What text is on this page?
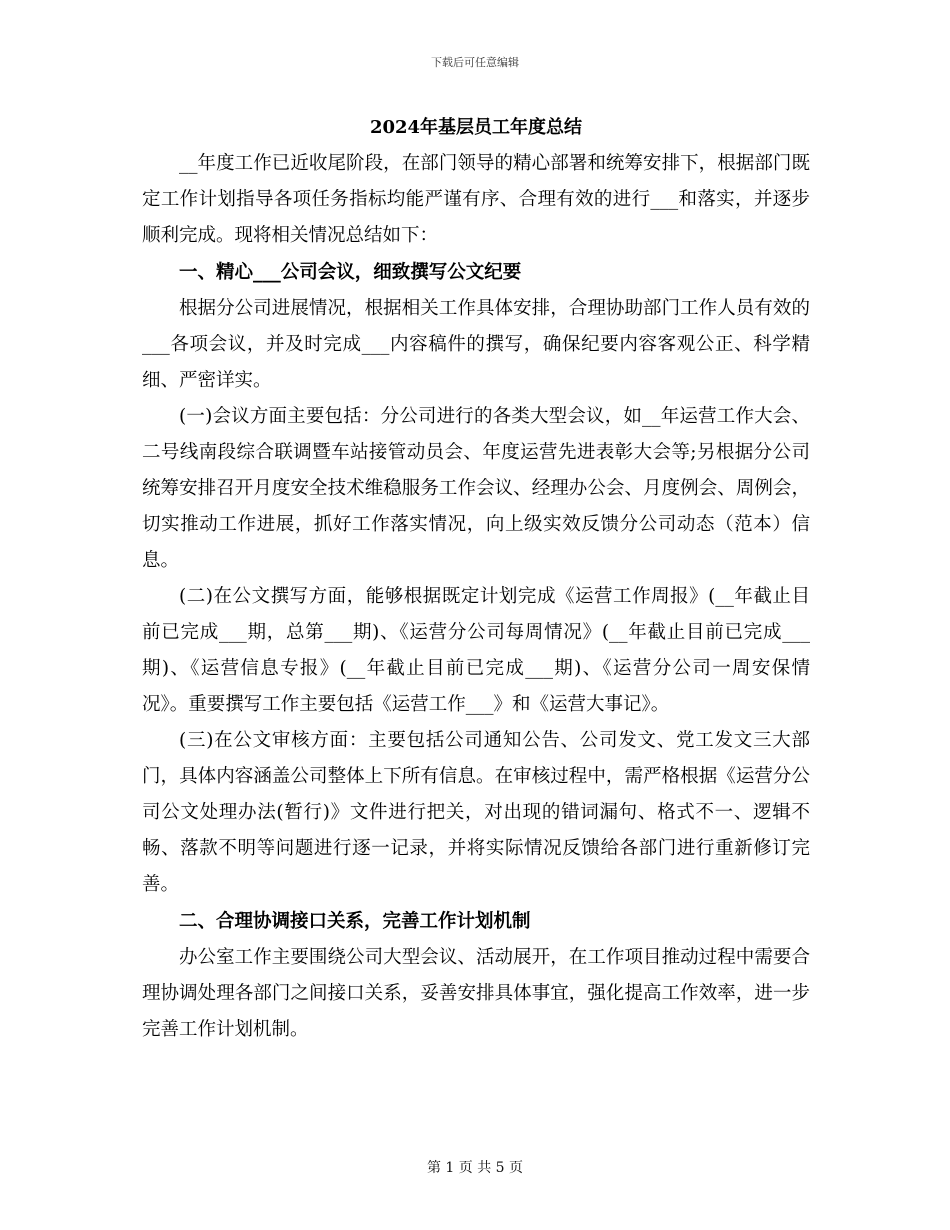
下载后可任意编辑
2024年基层员工年度总结

__年度工作已近收尾阶段，在部门领导的精心部署和统筹安排下，根据部门既定工作计划指导各项任务指标均能严谨有序、合理有效的进行___和落实，并逐步顺利完成。现将相关情况总结如下：

一、精心___公司会议，细致撰写公文纪要

根据分公司进展情况，根据相关工作具体安排，合理协助部门工作人员有效的___各项会议，并及时完成___内容稿件的撰写，确保纪要内容客观公正、科学精细、严密详实。

(一)会议方面主要包括：分公司进行的各类大型会议，如__年运营工作大会、二号线南段综合联调暨车站接管动员会、年度运营先进表彰大会等;另根据分公司统筹安排召开月度安全技术维稳服务工作会议、经理办公会、月度例会、周例会，切实推动工作进展，抓好工作落实情况，向上级实效反馈分公司动态（范本）信息。

(二)在公文撰写方面，能够根据既定计划完成《运营工作周报》(__年截止目前已完成___期，总第___期)、《运营分公司每周情况》(__年截止目前已完成___期)、《运营信息专报》(__年截止目前已完成___期)、《运营分公司一周安保情况》。重要撰写工作主要包括《运营工作___》和《运营大事记》。

(三)在公文审核方面：主要包括公司通知公告、公司发文、党工发文三大部门，具体内容涵盖公司整体上下所有信息。在审核过程中，需严格根据《运营分公司公文处理办法(暂行)》文件进行把关，对出现的错词漏句、格式不一、逻辑不畅、落款不明等问题进行逐一记录，并将实际情况反馈给各部门进行重新修订完善。

二、合理协调接口关系，完善工作计划机制

办公室工作主要围绕公司大型会议、活动展开，在工作项目推动过程中需要合理协调处理各部门之间接口关系，妥善安排具体事宜，强化提高工作效率，进一步完善工作计划机制。

第 1 页 共 5 页
